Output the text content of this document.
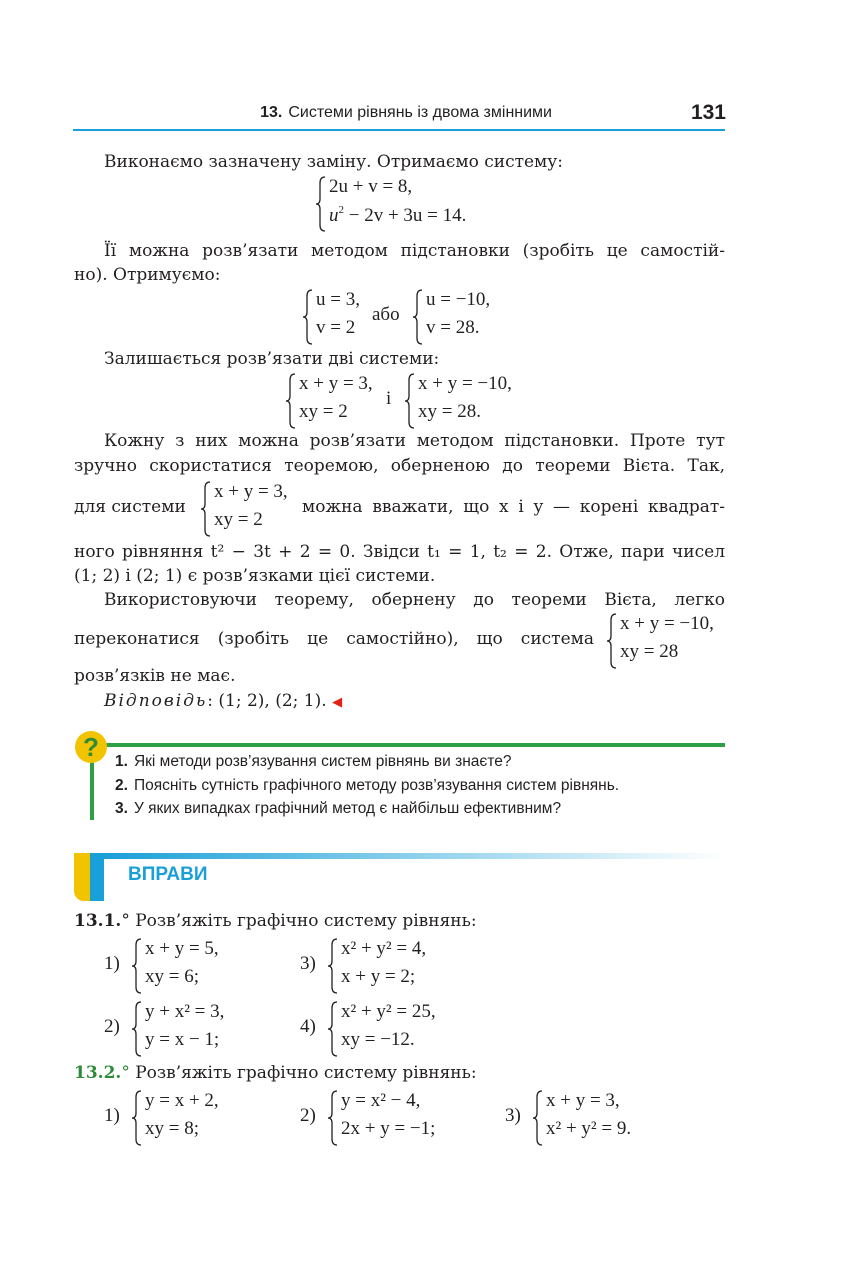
13. Системи рівнянь із двома змінними	131
Виконаємо зазначену заміну. Отримаємо систему:
2u + v = 8,
$u^2 - 2v + 3u = 14$.
Її можна розв’язати методом підстановки (зробіть це самостій-
но). Отримуємо:
u = 3,
v = 2
або
u = −10,
v = 28.
Залишається розв’язати дві системи:
x + y = 3,
xy = 2
і
x + y = −10,
xy = 28.
Кожну з них можна розв’язати методом підстановки. Проте тут
зручно скористатися теоремою, оберненою до теореми Вієта. Так,
для системи
x + y = 3,
xy = 2
можна вважати, що x і y — корені квадрат-
ного рівняння t² − 3t + 2 = 0. Звідси t₁ = 1, t₂ = 2. Отже, пари чисел
(1; 2) і (2; 1) є розв’язками цієї системи.
Використовуючи теорему, обернену до теореми Вієта, легко
переконатися (зробіть це самостійно), що система
x + y = −10,
xy = 28
розв’язків не має.
Відповідь: (1; 2), (2; 1). ◀
?	1. Які методи розв’язування систем рівнянь ви знаєте?
2. Поясніть сутність графічного методу розв’язування систем рівнянь.
3. У яких випадках графічний метод є найбільш ефективним?
ВПРАВИ
13.1.° Розв’яжіть графічно систему рівнянь:
1)
x + y = 5,
xy = 6;
3)
x² + y² = 4,
x + y = 2;
2)
y + x² = 3,
y = x − 1;
4)
x² + y² = 25,
xy = −12.
13.2.° Розв’яжіть графічно систему рівнянь:
1)
y = x + 2,
xy = 8;
2)
y = x² − 4,
2x + y = −1;
3)
x + y = 3,
x² + y² = 9.
